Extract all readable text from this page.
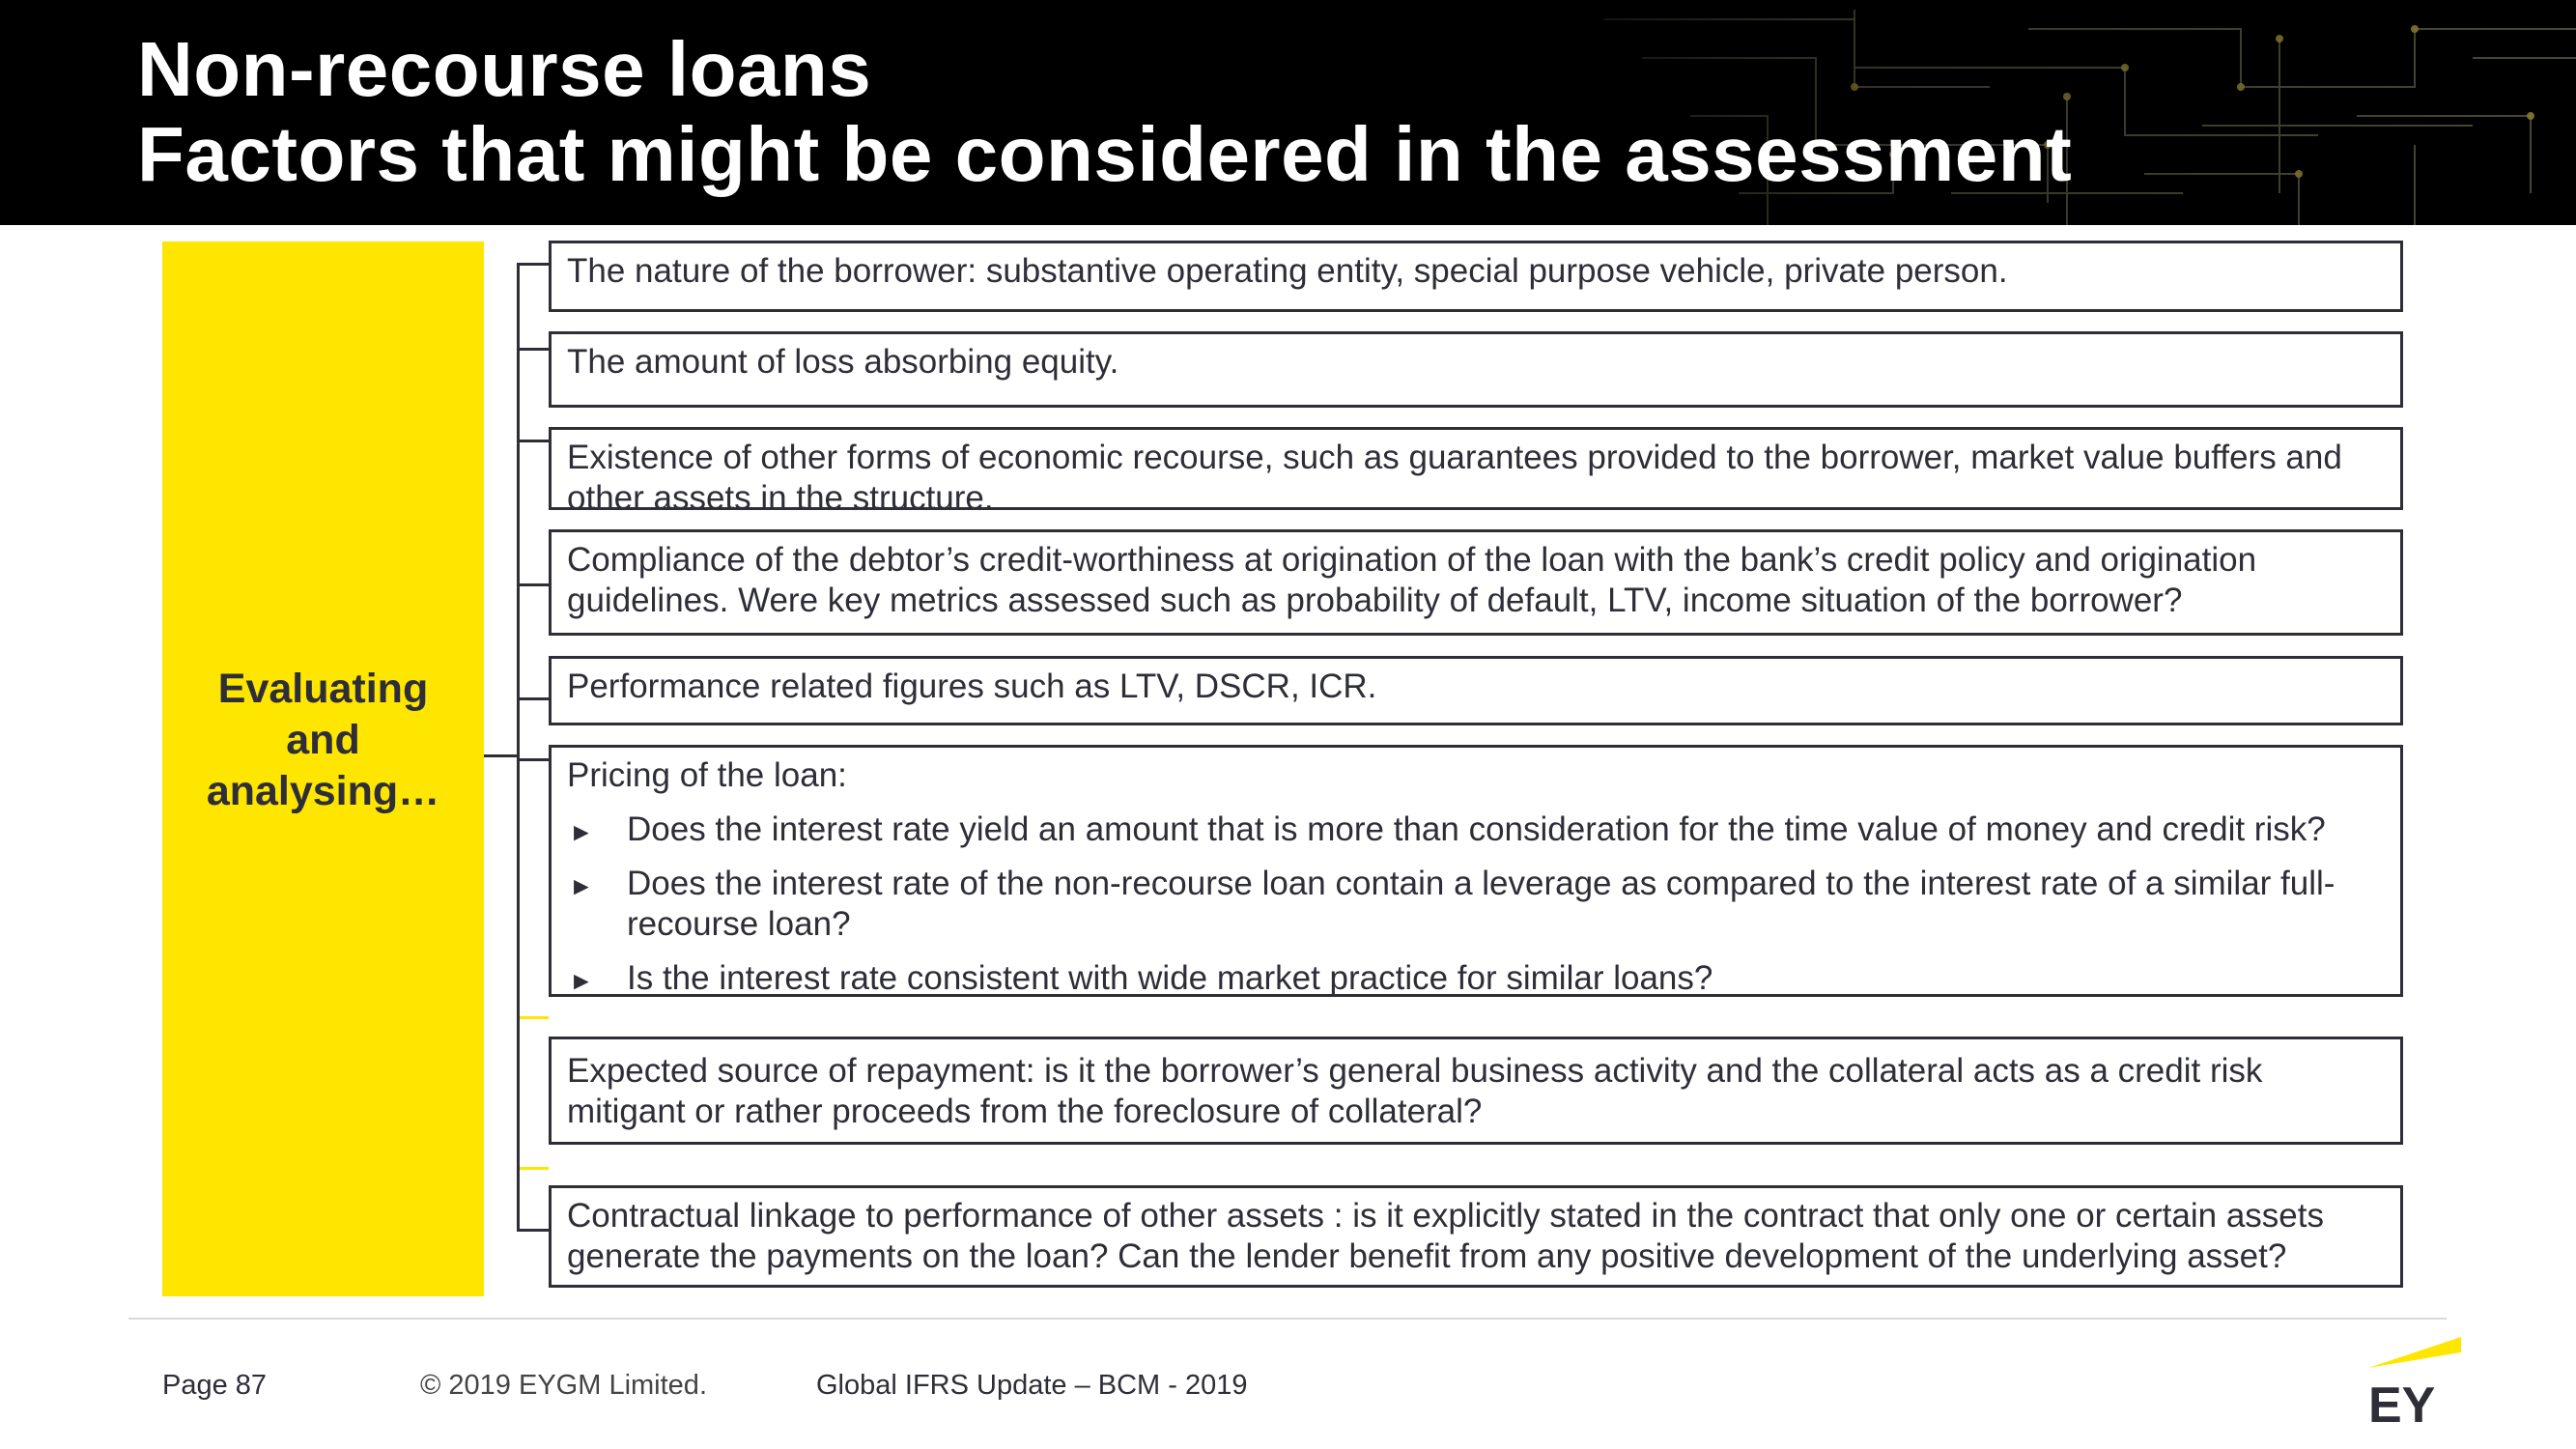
Non-recourse loans
Factors that might be considered in the assessment
Evaluating
and
analysing…
The nature of the borrower: substantive operating entity, special purpose vehicle, private person.
The amount of loss absorbing equity.
Existence of other forms of economic recourse, such as guarantees provided to the borrower, market value buffers and other assets in the structure.
Compliance of the debtor’s credit-worthiness at origination of the loan with the bank’s credit policy and origination guidelines. Were key metrics assessed such as probability of default, LTV, income situation of the borrower?
Performance related figures such as LTV, DSCR, ICR.
Pricing of the loan:
► Does the interest rate yield an amount that is more than consideration for the time value of money and credit risk?
► Does the interest rate of the non-recourse loan contain a leverage as compared to the interest rate of a similar full-recourse loan?
► Is the interest rate consistent with wide market practice for similar loans?
Expected source of repayment: is it the borrower’s general business activity and the collateral acts as a credit risk mitigant or rather proceeds from the foreclosure of collateral?
Contractual linkage to performance of other assets : is it explicitly stated in the contract that only one or certain assets generate the payments on the loan? Can the lender benefit from any positive development of the underlying asset?
Page 87	© 2019 EYGM Limited.	Global IFRS Update – BCM - 2019	EY
